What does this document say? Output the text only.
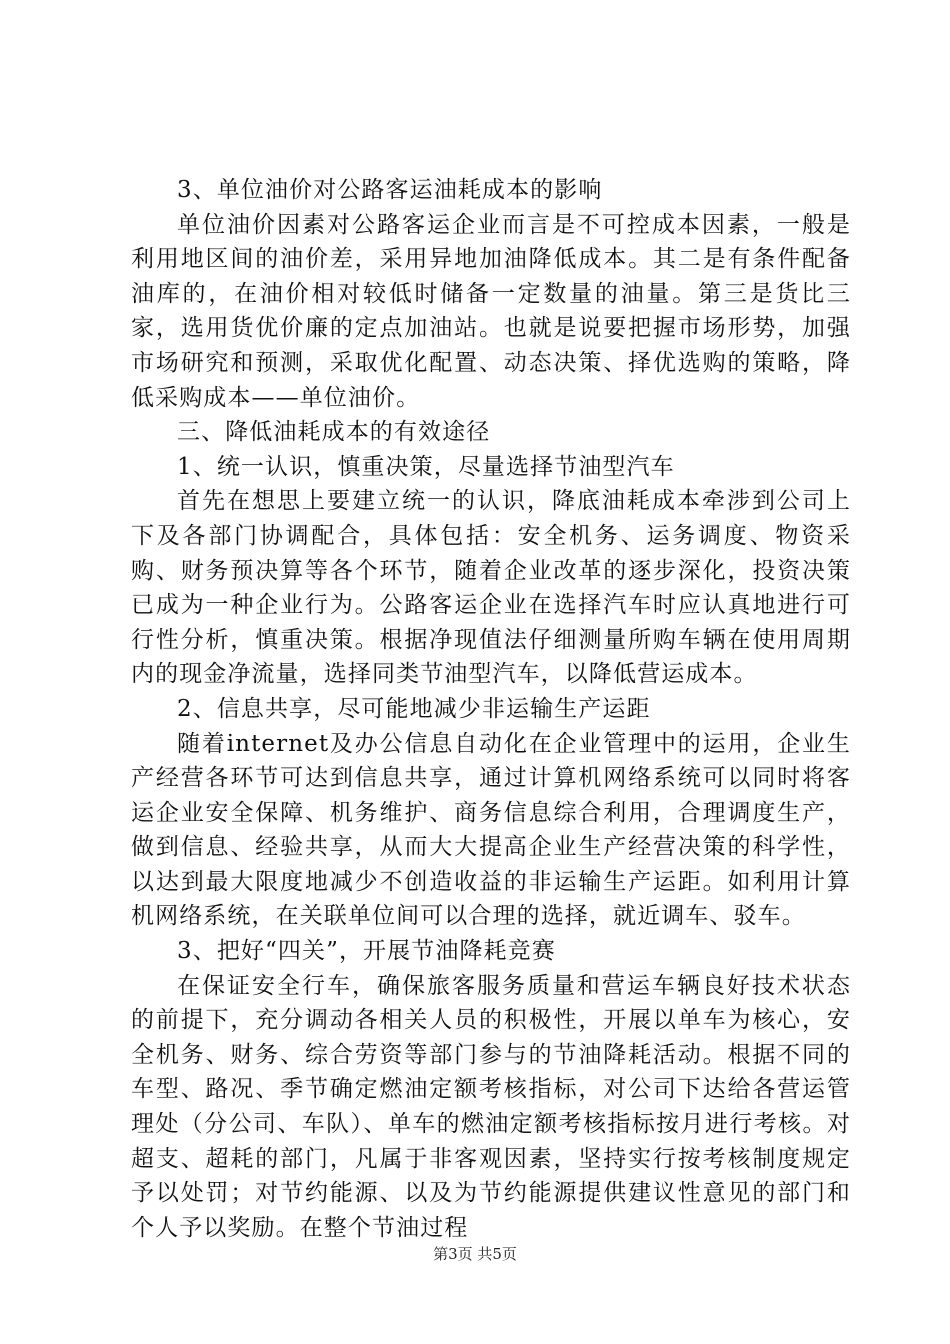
3、单位油价对公路客运油耗成本的影响

单位油价因素对公路客运企业而言是不可控成本因素，一般是利用地区间的油价差，采用异地加油降低成本。其二是有条件配备油库的，在油价相对较低时储备一定数量的油量。第三是货比三家，选用货优价廉的定点加油站。也就是说要把握市场形势，加强市场研究和预测，采取优化配置、动态决策、择优选购的策略，降低采购成本——单位油价。

三、降低油耗成本的有效途径

1、统一认识，慎重决策，尽量选择节油型汽车

首先在想思上要建立统一的认识，降底油耗成本牵涉到公司上下及各部门协调配合，具体包括：安全机务、运务调度、物资采购、财务预决算等各个环节，随着企业改革的逐步深化，投资决策已成为一种企业行为。公路客运企业在选择汽车时应认真地进行可行性分析，慎重决策。根据净现值法仔细测量所购车辆在使用周期内的现金净流量，选择同类节油型汽车，以降低营运成本。

2、信息共享，尽可能地减少非运输生产运距

随着internet及办公信息自动化在企业管理中的运用，企业生产经营各环节可达到信息共享，通过计算机网络系统可以同时将客运企业安全保障、机务维护、商务信息综合利用，合理调度生产，做到信息、经验共享，从而大大提高企业生产经营决策的科学性，以达到最大限度地减少不创造收益的非运输生产运距。如利用计算机网络系统，在关联单位间可以合理的选择，就近调车、驳车。

3、把好“四关”，开展节油降耗竞赛

在保证安全行车，确保旅客服务质量和营运车辆良好技术状态的前提下，充分调动各相关人员的积极性，开展以单车为核心，安全机务、财务、综合劳资等部门参与的节油降耗活动。根据不同的车型、路况、季节确定燃油定额考核指标，对公司下达给各营运管理处（分公司、车队）、单车的燃油定额考核指标按月进行考核。对超支、超耗的部门，凡属于非客观因素，坚持实行按考核制度规定予以处罚；对节约能源、以及为节约能源提供建议性意见的部门和个人予以奖励。在整个节油过程

第3页 共5页
